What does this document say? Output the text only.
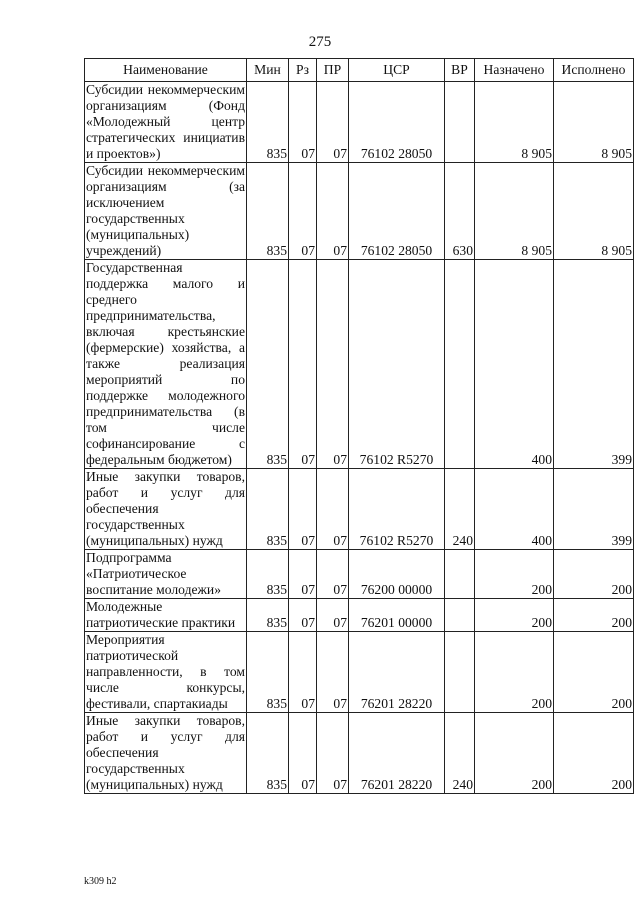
275
Наименование	Мин	Рз	ПР	ЦСР	ВР	Назначено	Исполнено
Субсидии некоммерческим организациям (Фонд «Молодежный центр стратегических инициатив и проектов»)	835	07	07	76102 28050		8 905	8 905
Субсидии некоммерческим организациям (за исключением государственных (муниципальных) учреждений)	835	07	07	76102 28050	630	8 905	8 905
Государственная поддержка малого и среднего предпринимательства, включая крестьянские (фермерские) хозяйства, а также реализация мероприятий по поддержке молодежного предпринимательства (в том числе софинансирование с федеральным бюджетом)	835	07	07	76102 R5270		400	399
Иные закупки товаров, работ и услуг для обеспечения государственных (муниципальных) нужд	835	07	07	76102 R5270	240	400	399
Подпрограмма «Патриотическое воспитание молодежи»	835	07	07	76200 00000		200	200
Молодежные патриотические практики	835	07	07	76201 00000		200	200
Мероприятия патриотической направленности, в том числе конкурсы, фестивали, спартакиады	835	07	07	76201 28220		200	200
Иные закупки товаров, работ и услуг для обеспечения государственных (муниципальных) нужд	835	07	07	76201 28220	240	200	200
k309 h2
